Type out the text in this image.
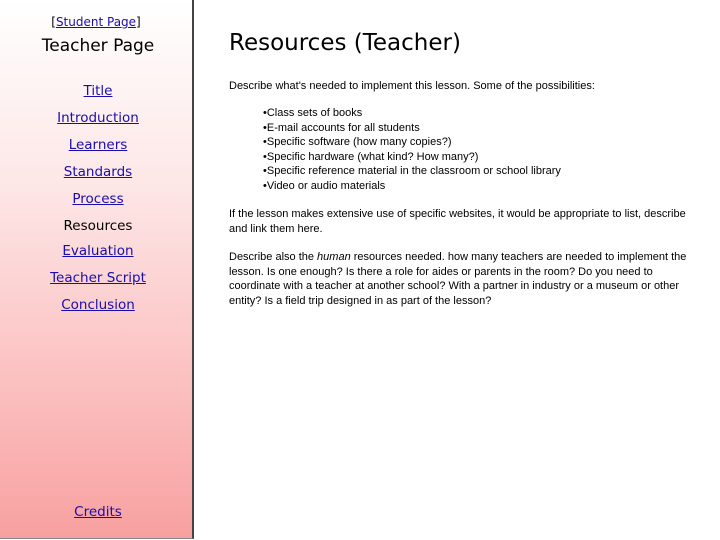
[Student Page]
Teacher Page
Title
Introduction
Learners
Standards
Process
Resources
Evaluation
Teacher Script
Conclusion
Credits
Resources (Teacher)
Describe what's needed to implement this lesson. Some of the possibilities:
• Class sets of books
• E-mail accounts for all students
• Specific software (how many copies?)
• Specific hardware (what kind? How many?)
• Specific reference material in the classroom or school library
• Video or audio materials
If the lesson makes extensive use of specific websites, it would be appropriate to list, describe and link them here.
Describe also the human resources needed. how many teachers are needed to implement the lesson. Is one enough? Is there a role for aides or parents in the room? Do you need to coordinate with a teacher at another school? With a partner in industry or a museum or other entity? Is a field trip designed in as part of the lesson?
